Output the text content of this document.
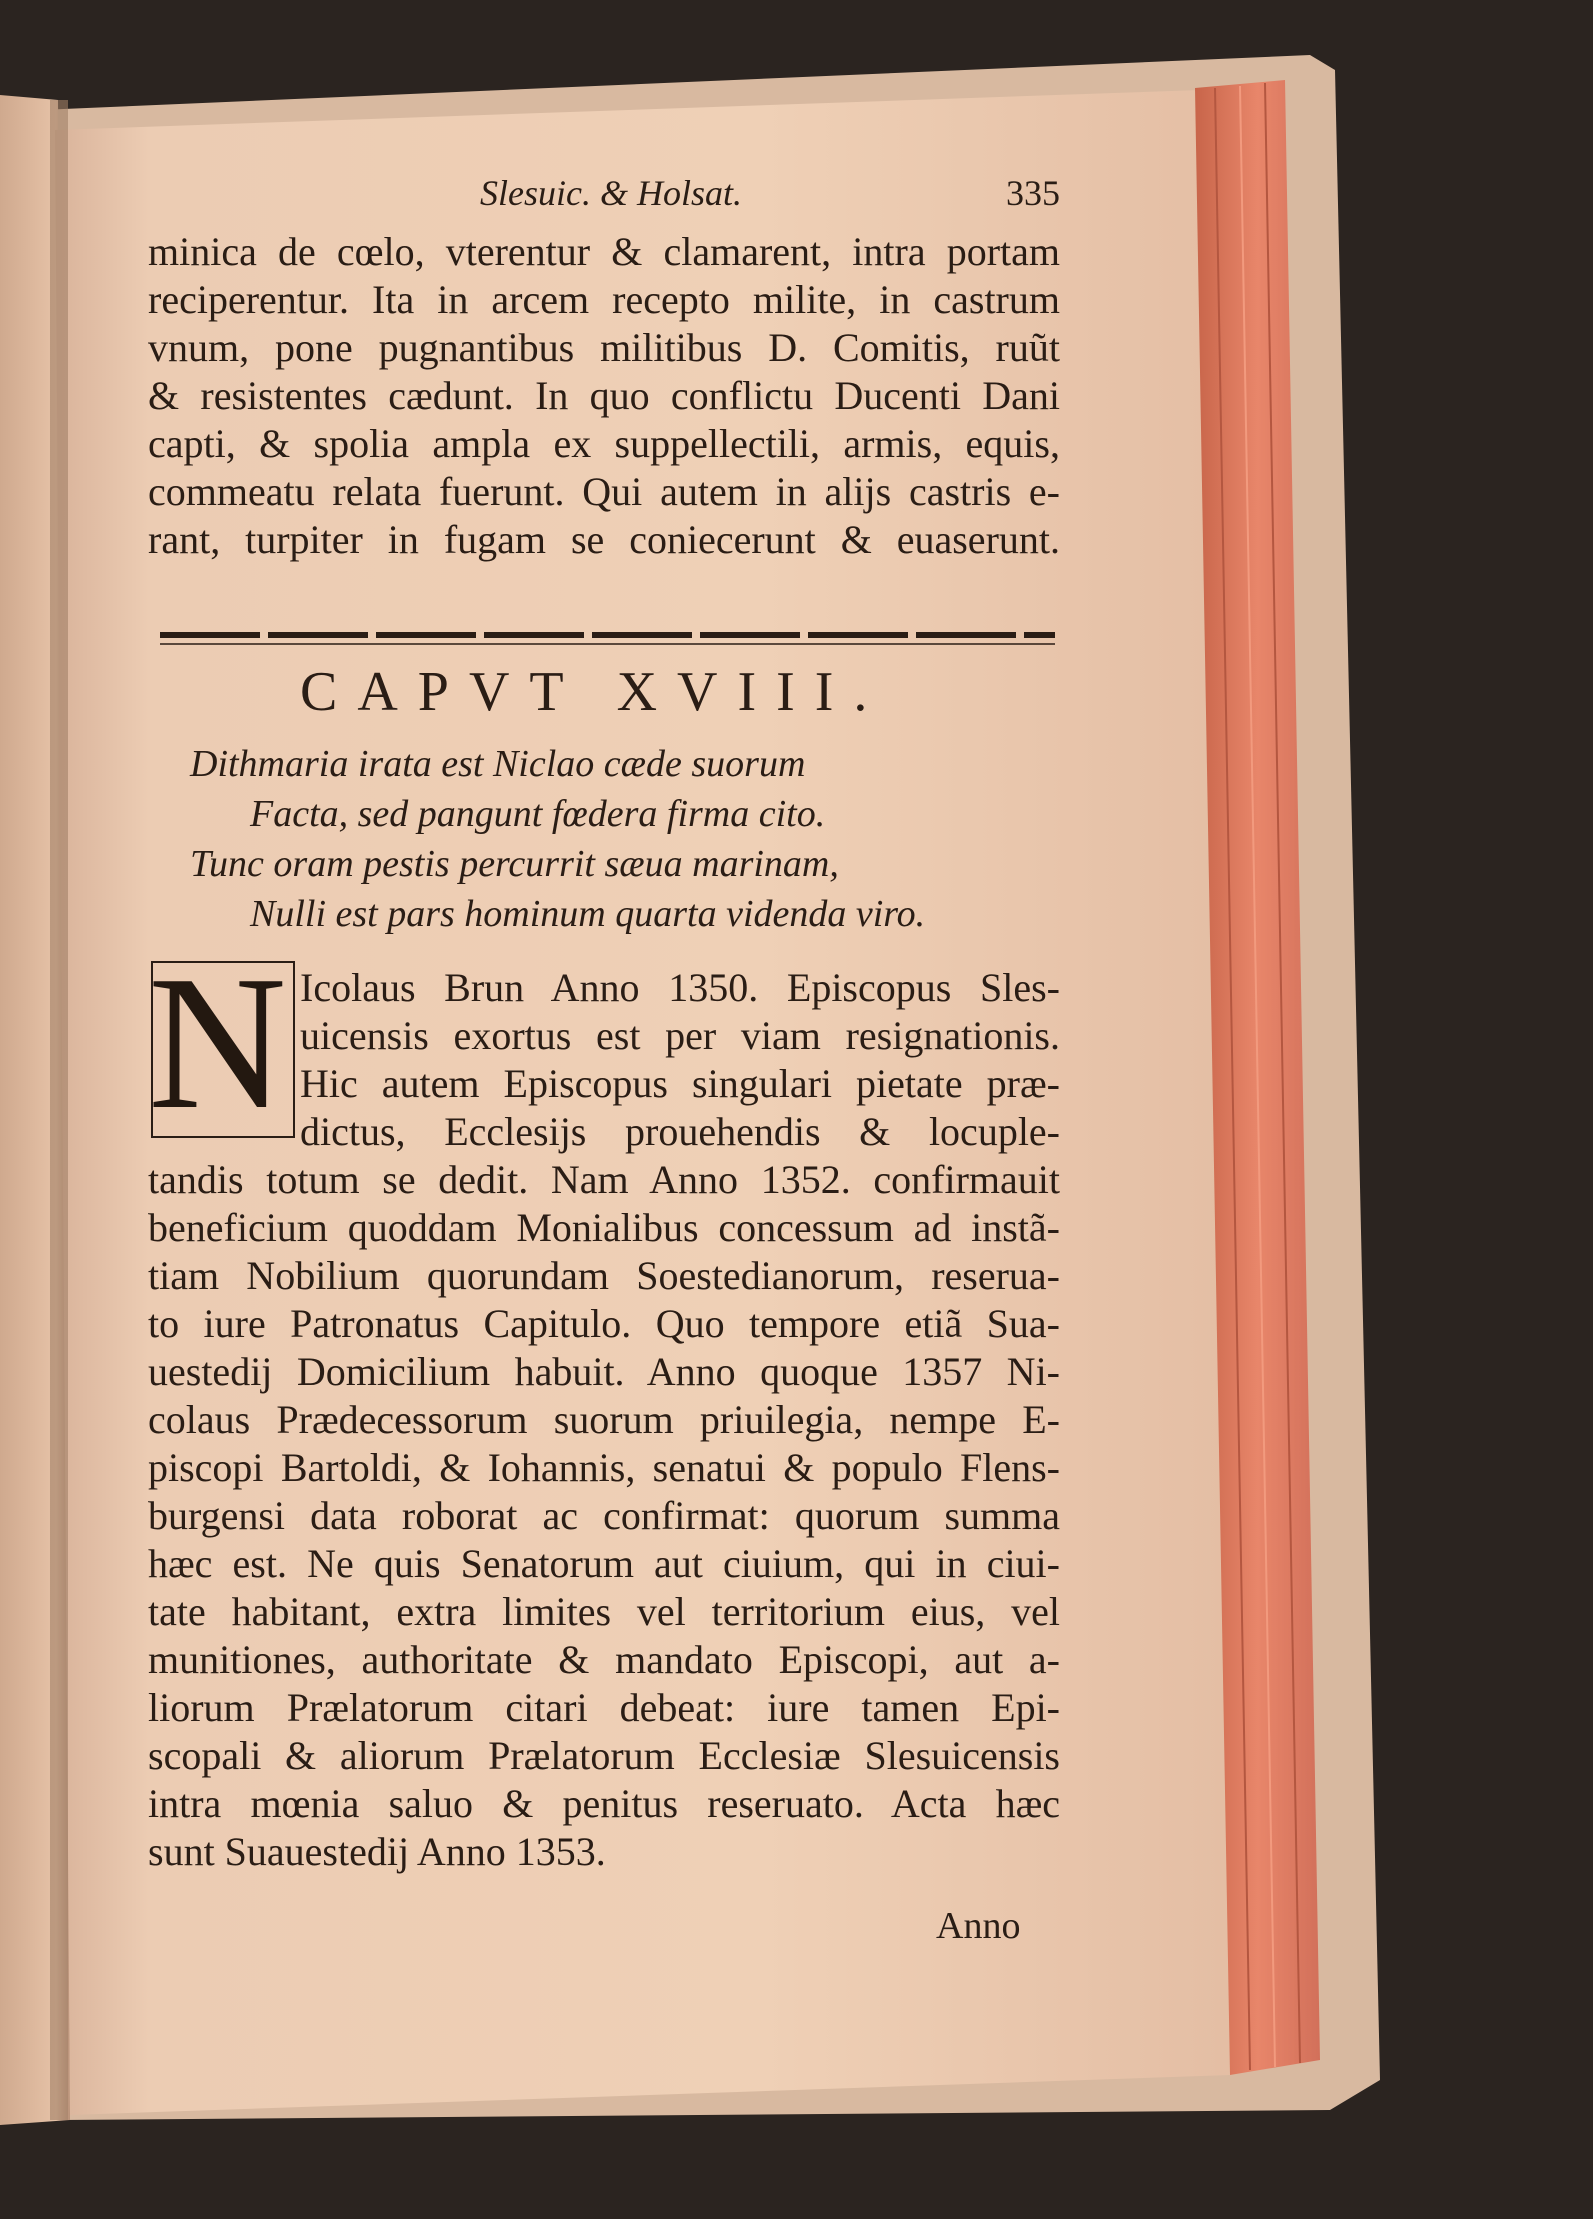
Slesuic. & Holsat.	335
minica de cœlo, vterentur & clamarent, intra portam
reciperentur. Ita in arcem recepto milite, in castrum
vnum, pone pugnantibus militibus D. Comitis, ruũt
& resistentes cædunt. In quo conflictu Ducenti Dani
capti, & spolia ampla ex suppellectili, armis, equis,
commeatu relata fuerunt. Qui autem in alijs castris e-
rant, turpiter in fugam se coniecerunt & euaserunt.
CAPVT XVIII.
Dithmaria irata est Niclao cæde suorum
Facta, sed pangunt fœdera firma cito.
Tunc oram pestis percurrit sæua marinam,
Nulli est pars hominum quarta videnda viro.
N Icolaus Brun Anno 1350. Episcopus Sles-
uicensis exortus est per viam resignationis.
Hic autem Episcopus singulari pietate præ-
dictus, Ecclesijs prouehendis & locuple-
tandis totum se dedit. Nam Anno 1352. confirmauit
beneficium quoddam Monialibus concessum ad instã-
tiam Nobilium quorundam Soestedianorum, reserua-
to iure Patronatus Capitulo. Quo tempore etiã Sua-
uestedij Domicilium habuit. Anno quoque 1357 Ni-
colaus Prædecessorum suorum priuilegia, nempe E-
piscopi Bartoldi, & Iohannis, senatui & populo Flens-
burgensi data roborat ac confirmat: quorum summa
hæc est. Ne quis Senatorum aut ciuium, qui in ciui-
tate habitant, extra limites vel territorium eius, vel
munitiones, authoritate & mandato Episcopi, aut a-
liorum Prælatorum citari debeat: iure tamen Epi-
scopali & aliorum Prælatorum Ecclesiæ Slesuicensis
intra mœnia saluo & penitus reseruato. Acta hæc
sunt Suauestedij Anno 1353.
Anno
